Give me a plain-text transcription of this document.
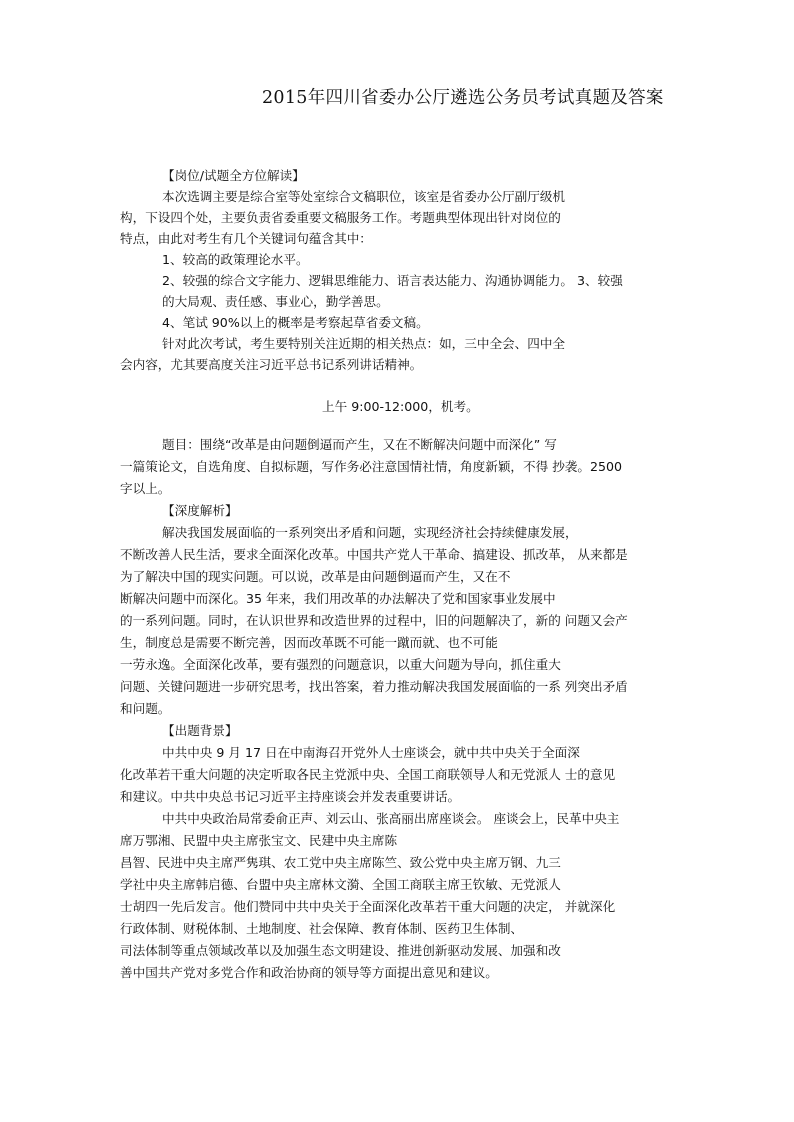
2015年四川省委办公厅遴选公务员考试真题及答案
【岗位/试题全方位解读】
本次选调主要是综合室等处室综合文稿职位，该室是省委办公厅副厅级机
构，下设四个处，主要负责省委重要文稿服务工作。考题典型体现出针对岗位的
特点，由此对考生有几个关键词句蕴含其中：
1、较高的政策理论水平。
2、较强的综合文字能力、逻辑思维能力、语言表达能力、沟通协调能力。 3、较强
的大局观、责任感、事业心，勤学善思。
4、笔试 90%以上的概率是考察起草省委文稿。
针对此次考试，考生要特别关注近期的相关热点：如，三中全会、四中全
会内容，尤其要高度关注习近平总书记系列讲话精神。
上午 9:00-12:000，机考。
题目：围绕“改革是由问题倒逼而产生，又在不断解决问题中而深化” 写
一篇策论文，自选角度、自拟标题，写作务必注意国情社情，角度新颖，不得 抄袭。2500
字以上。
【深度解析】
解决我国发展面临的一系列突出矛盾和问题，实现经济社会持续健康发展，
不断改善人民生活，要求全面深化改革。中国共产党人干革命、搞建设、抓改革， 从来都是
为了解决中国的现实问题。可以说，改革是由问题倒逼而产生，又在不
断解决问题中而深化。35 年来，我们用改革的办法解决了党和国家事业发展中
的一系列问题。同时，在认识世界和改造世界的过程中，旧的问题解决了，新的 问题又会产
生，制度总是需要不断完善，因而改革既不可能一蹴而就、也不可能
一劳永逸。全面深化改革，要有强烈的问题意识，以重大问题为导向，抓住重大
问题、关键问题进一步研究思考，找出答案，着力推动解决我国发展面临的一系 列突出矛盾
和问题。
【出题背景】
中共中央 9 月 17 日在中南海召开党外人士座谈会，就中共中央关于全面深
化改革若干重大问题的决定听取各民主党派中央、全国工商联领导人和无党派人 士的意见
和建议。中共中央总书记习近平主持座谈会并发表重要讲话。
中共中央政治局常委俞正声、刘云山、张高丽出席座谈会。 座谈会上，民革中央主
席万鄂湘、民盟中央主席张宝文、民建中央主席陈
昌智、民进中央主席严隽琪、农工党中央主席陈竺、致公党中央主席万钢、九三
学社中央主席韩启德、台盟中央主席林文漪、全国工商联主席王钦敏、无党派人
士胡四一先后发言。他们赞同中共中央关于全面深化改革若干重大问题的决定， 并就深化
行政体制、财税体制、土地制度、社会保障、教育体制、医药卫生体制、
司法体制等重点领域改革以及加强生态文明建设、推进创新驱动发展、加强和改
善中国共产党对多党合作和政治协商的领导等方面提出意见和建议。
